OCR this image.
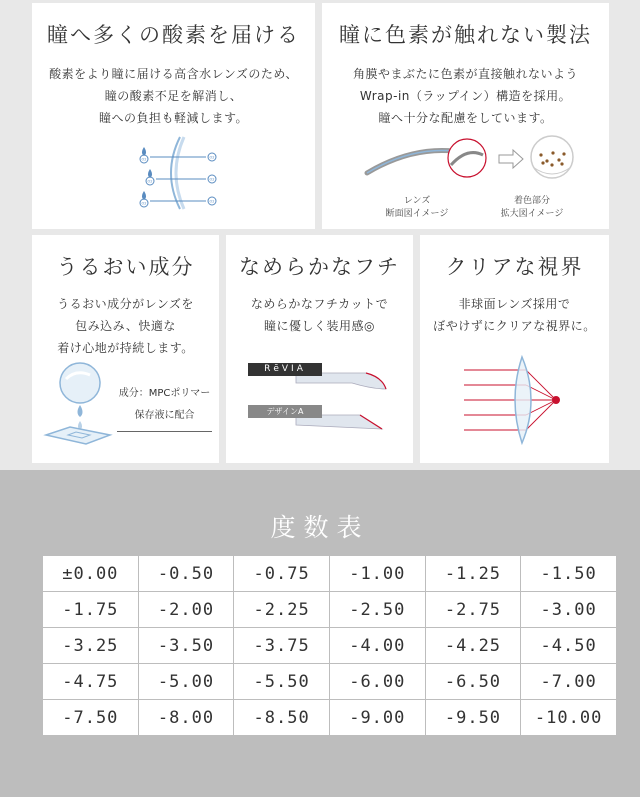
瞳へ多くの酸素を届ける
酸素をより瞳に届ける高含水レンズのため、
瞳の酸素不足を解消し、
瞳への負担も軽減します。
O2
O2
O2
O2
O2
O2
瞳に色素が触れない製法
角膜やまぶたに色素が直接触れないよう
Wrap-in（ラップイン）構造を採用。
瞳へ十分な配慮をしています。
レンズ
断面図イメージ
着色部分
拡大図イメージ
うるおい成分
うるおい成分がレンズを
包み込み、快適な
着け心地が持続します。
成分：MPCポリマー
保存液に配合
なめらかなフチ
なめらかなフチカットで
瞳に優しく装用感◎
RēVIA
デザインA
クリアな視界
非球面レンズ採用で
ぼやけずにクリアな視界に。
度数表
±0.00	-0.50	-0.75	-1.00	-1.25	-1.50
-1.75	-2.00	-2.25	-2.50	-2.75	-3.00
-3.25	-3.50	-3.75	-4.00	-4.25	-4.50
-4.75	-5.00	-5.50	-6.00	-6.50	-7.00
-7.50	-8.00	-8.50	-9.00	-9.50	-10.00
